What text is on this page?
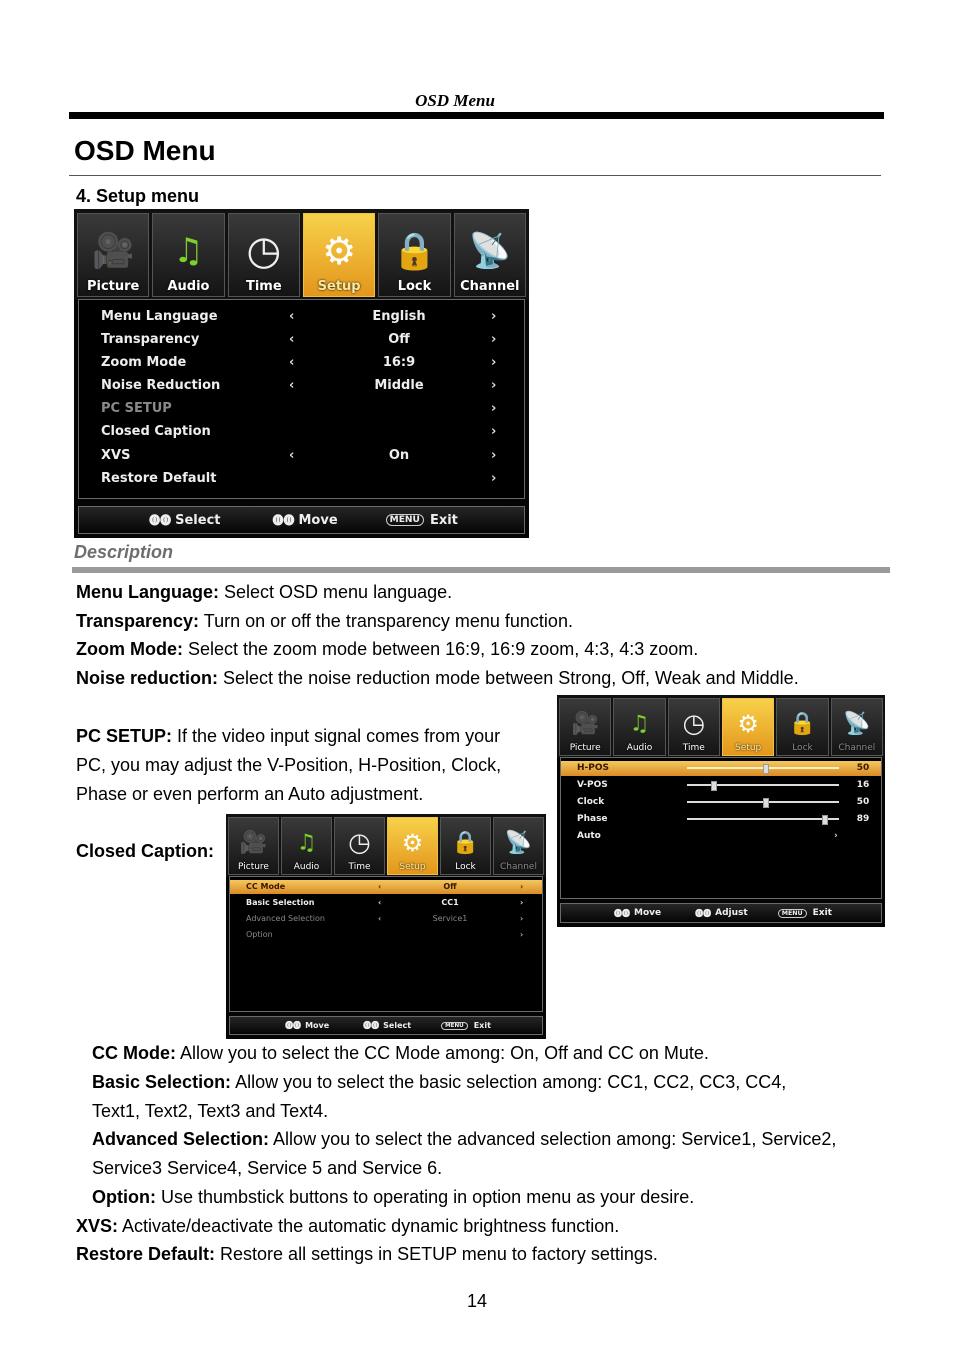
OSD Menu
OSD Menu
4. Setup menu
🎥
Picture
♫
Audio
◷
Time
⚙
Setup
🔒
Lock
📡
Channel
Menu Language	‹	English	›
Transparency	‹	Off	›
Zoom Mode	‹	16:9	›
Noise Reduction	‹	Middle	›
PC SETUP	›
Closed Caption	›
XVS	‹	On	›
Restore Default	›
⓿⓿ Select	⓿⓿ Move	MENU Exit
Description
Menu Language: Select OSD menu language.
Transparency: Turn on or off the transparency menu function.
Zoom Mode: Select the zoom mode between 16:9, 16:9 zoom, 4:3, 4:3 zoom.
Noise reduction: Select the noise reduction mode between Strong, Off, Weak and Middle.
PC SETUP: If the video input signal comes from your
PC, you may adjust the V-Position, H-Position, Clock,
Phase or even perform an Auto adjustment.
Closed Caption:
🎥
Picture
♫
Audio
◷
Time
⚙
Setup
🔒
Lock
📡
Channel
H-POS	50
V-POS	16
Clock	50
Phase	89
Auto	›
⓿⓿ Move	⓿⓿ Adjust	MENU	Exit
🎥
Picture
♫
Audio
◷
Time
⚙
Setup
🔒
Lock
📡
Channel
CC Mode	‹	Off	›
Basic Selection	‹	CC1	›
Advanced Selection	‹	Service1	›
Option	›
⓿⓿ Move	⓿⓿ Select	MENU	Exit
CC Mode: Allow you to select the CC Mode among: On, Off and CC on Mute.
Basic Selection: Allow you to select the basic selection among: CC1, CC2, CC3, CC4,
Text1, Text2, Text3 and Text4.
Advanced Selection: Allow you to select the advanced selection among: Service1, Service2,
Service3 Service4, Service 5 and Service 6.
Option: Use thumbstick buttons to operating in option menu as your desire.
XVS: Activate/deactivate the automatic dynamic brightness function.
Restore Default: Restore all settings in SETUP menu to factory settings.
14
